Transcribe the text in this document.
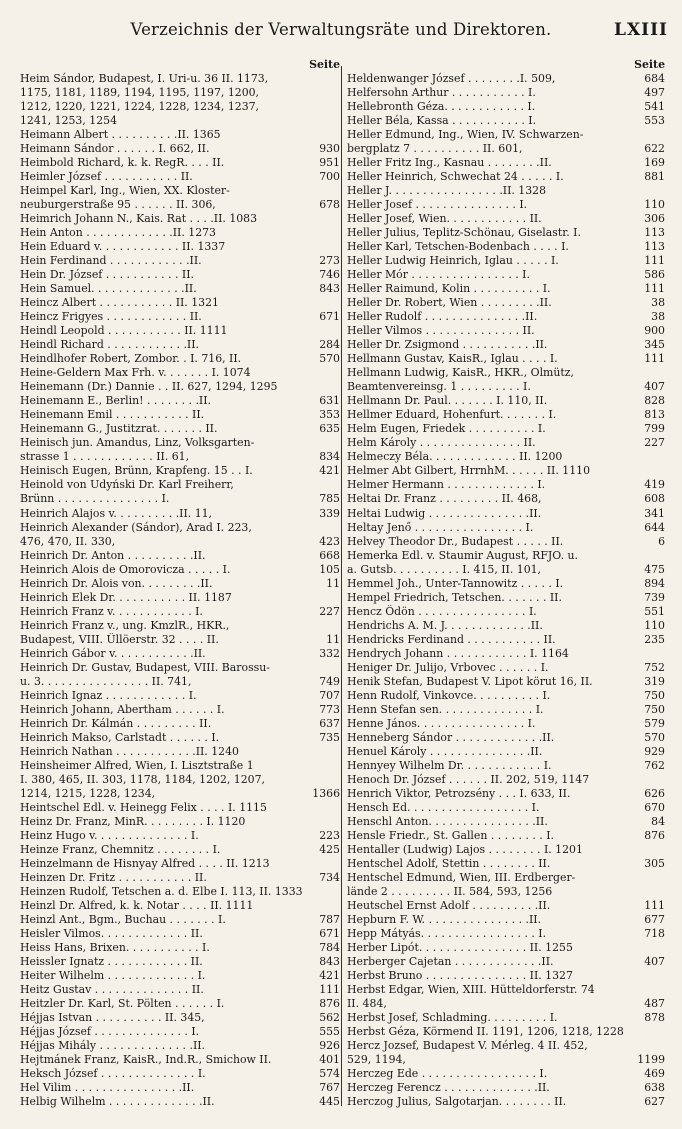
Verzeichnis der Verwaltungsräte und Direktoren.	LXIII
Seite
Heim Sándor, Budapest, I. Uri-u. 36 II. 1173,
1175, 1181, 1189, 1194, 1195, 1197, 1200,
1212, 1220, 1221, 1224, 1228, 1234, 1237,
1241, 1253, 1254
Heimann Albert . . . . . . . . . .II. 1365
Heimann Sándor . . . . . . I. 662, II.	930
Heimbold Richard, k. k. RegR. . . . II.	951
Heimler József . . . . . . . . . . . II.	700
Heimpel Karl, Ing., Wien, XX. Kloster-
neuburgerstraße 95 . . . . . . II. 306,	678
Heimrich Johann N., Kais. Rat . . . .II. 1083
Hein Anton . . . . . . . . . . . . .II. 1273
Hein Eduard v. . . . . . . . . . . . II. 1337
Hein Ferdinand . . . . . . . . . . . .II.	273
Hein Dr. József . . . . . . . . . . . II.	746
Hein Samuel. . . . . . . . . . . . . .II.	843
Heincz Albert . . . . . . . . . . . II. 1321
Heincz Frigyes . . . . . . . . . . . . II.	671
Heindl Leopold . . . . . . . . . . . II. 1111
Heindl Richard . . . . . . . . . . . .II.	284
Heindlhofer Robert, Zombor. . I. 716, II.	570
Heine-Geldern Max Frh. v. . . . . . . I. 1074
Heinemann (Dr.) Dannie . . II. 627, 1294, 1295
Heinemann E., Berlin! . . . . . . . .II.	631
Heinemann Emil . . . . . . . . . . . II.	353
Heinemann G., Justitzrat. . . . . . . II.	635
Heinisch jun. Amandus, Linz, Volksgarten-
strasse 1 . . . . . . . . . . . . II. 61,	834
Heinisch Eugen, Brünn, Krapfeng. 15 . . I.	421
Heinold von Udyński Dr. Karl Freiherr,
Brünn . . . . . . . . . . . . . . . I.	785
Heinrich Alajos v. . . . . . . . . .II. 11,	339
Heinrich Alexander (Sándor), Arad I. 223,
476, 470, II. 330,	423
Heinrich Dr. Anton . . . . . . . . . .II.	668
Heinrich Alois de Omorovicza . . . . . I.	105
Heinrich Dr. Alois von. . . . . . . . .II.	11
Heinrich Elek Dr. . . . . . . . . . . II. 1187
Heinrich Franz v. . . . . . . . . . . . I.	227
Heinrich Franz v., ung. KmzlR., HKR.,
Budapest, VIII. Üllöerstr. 32 . . . . II.	11
Heinrich Gábor v. . . . . . . . . . . .II.	332
Heinrich Dr. Gustav, Budapest, VIII. Barossu-
u. 3. . . . . . . . . . . . . . . . II. 741,	749
Heinrich Ignaz . . . . . . . . . . . . I.	707
Heinrich Johann, Abertham . . . . . . I.	773
Heinrich Dr. Kálmán . . . . . . . . . II.	637
Heinrich Makso, Carlstadt . . . . . . I.	735
Heinrich Nathan . . . . . . . . . . . .II. 1240
Heinsheimer Alfred, Wien, I. Lisztstraße 1
I. 380, 465, II. 303, 1178, 1184, 1202, 1207,
1214, 1215, 1228, 1234,	1366
Heintschel Edl. v. Heinegg Felix . . . . I. 1115
Heinz Dr. Franz, MinR. . . . . . . . . I. 1120
Heinz Hugo v. . . . . . . . . . . . . . I.	223
Heinze Franz, Chemnitz . . . . . . . . I.	425
Heinzelmann de Hisnyay Alfred . . . . II. 1213
Heinzen Dr. Fritz . . . . . . . . . . . II.	734
Heinzen Rudolf, Tetschen a. d. Elbe I. 113, II. 1333
Heinzl Dr. Alfred, k. k. Notar . . . . II. 1111
Heinzl Ant., Bgm., Buchau . . . . . . . I.	787
Heisler Vilmos. . . . . . . . . . . . . II.	671
Heiss Hans, Brixen. . . . . . . . . . . I.	784
Heissler Ignatz . . . . . . . . . . . . II.	843
Heiter Wilhelm . . . . . . . . . . . . . I.	421
Heitz Gustav . . . . . . . . . . . . . . II.	111
Heitzler Dr. Karl, St. Pölten . . . . . . I.	876
Héjjas Istvan . . . . . . . . . . II. 345,	562
Héjjas József . . . . . . . . . . . . . . I.	555
Héjjas Mihály . . . . . . . . . . . . . .II.	926
Hejtmánek Franz, KaisR., Ind.R., Smichow II.	401
Heksch József . . . . . . . . . . . . . . I.	574
Hel Vilim . . . . . . . . . . . . . . . .II.	767
Helbig Wilhelm . . . . . . . . . . . . . .II.	445
Seite
Heldenwanger József . . . . . . . .I. 509,	684
Helfersohn Arthur . . . . . . . . . . . I.	497
Hellebronth Géza. . . . . . . . . . . . I.	541
Heller Béla, Kassa . . . . . . . . . . . I.	553
Heller Edmund, Ing., Wien, IV. Schwarzen-
bergplatz 7 . . . . . . . . . . II. 601,	622
Heller Fritz Ing., Kasnau . . . . . . . .II.	169
Heller Heinrich, Schwechat 24 . . . . . I.	881
Heller J. . . . . . . . . . . . . . . . .II. 1328
Heller Josef . . . . . . . . . . . . . . . I.	110
Heller Josef, Wien. . . . . . . . . . . . II.	306
Heller Julius, Teplitz-Schönau, Giselastr. I.	113
Heller Karl, Tetschen-Bodenbach . . . . I.	113
Heller Ludwig Heinrich, Iglau . . . . . I.	111
Heller Mór . . . . . . . . . . . . . . . . I.	586
Heller Raimund, Kolin . . . . . . . . . . I.	111
Heller Dr. Robert, Wien . . . . . . . . .II.	38
Heller Rudolf . . . . . . . . . . . . . . .II.	38
Heller Vilmos . . . . . . . . . . . . . . II.	900
Heller Dr. Zsigmond . . . . . . . . . . .II.	345
Hellmann Gustav, KaisR., Iglau . . . . I.	111
Hellmann Ludwig, KaisR., HKR., Olmütz,
Beamtenvereinsg. 1 . . . . . . . . . I.	407
Hellmann Dr. Paul. . . . . . . I. 110, II.	828
Hellmer Eduard, Hohenfurt. . . . . . . I.	813
Helm Eugen, Friedek . . . . . . . . . . I.	799
Helm Károly . . . . . . . . . . . . . . . II.	227
Helmeczy Béla. . . . . . . . . . . . . II. 1200
Helmer Abt Gilbert, HrrnhM. . . . . . II. 1110
Helmer Hermann . . . . . . . . . . . . . I.	419
Heltai Dr. Franz . . . . . . . . . II. 468,	608
Heltai Ludwig . . . . . . . . . . . . . . .II.	341
Heltay Jenő . . . . . . . . . . . . . . . . I.	644
Helvey Theodor Dr., Budapest . . . . . II.	6
Hemerka Edl. v. Staumir August, RFJO. u.
a. Gutsb. . . . . . . . . . I. 415, II. 101,	475
Hemmel Joh., Unter-Tannowitz . . . . . I.	894
Hempel Friedrich, Tetschen. . . . . . . II.	739
Hencz Ödön . . . . . . . . . . . . . . . . I.	551
Hendrichs A. M. J. . . . . . . . . . . . .II.	110
Hendricks Ferdinand . . . . . . . . . . . II.	235
Hendrych Johann . . . . . . . . . . . . I. 1164
Heniger Dr. Julijo, Vrbovec . . . . . . I.	752
Henik Stefan, Budapest V. Lipot körut 16, II.	319
Henn Rudolf, Vinkovce. . . . . . . . . . I.	750
Henn Stefan sen. . . . . . . . . . . . . . I.	750
Henne János. . . . . . . . . . . . . . . . I.	579
Henneberg Sándor . . . . . . . . . . . . .II.	570
Henuel Károly . . . . . . . . . . . . . . .II.	929
Hennyey Wilhelm Dr. . . . . . . . . . . . I.	762
Henoch Dr. József . . . . . . II. 202, 519, 1147
Henrich Viktor, Petrozsény . . . I. 633, II.	626
Hensch Ed. . . . . . . . . . . . . . . . . . I.	670
Henschl Anton. . . . . . . . . . . . . . . .II.	84
Hensle Friedr., St. Gallen . . . . . . . . I.	876
Hentaller (Ludwig) Lajos . . . . . . . . I. 1201
Hentschel Adolf, Stettin . . . . . . . . II.	305
Hentschel Edmund, Wien, III. Erdberger-
lände 2 . . . . . . . . . II. 584, 593, 1256
Heutschel Ernst Adolf . . . . . . . . . .II.	111
Hepburn F. W. . . . . . . . . . . . . . . .II.	677
Hepp Mátyás. . . . . . . . . . . . . . . . . I.	718
Herber Lipót. . . . . . . . . . . . . . . . II. 1255
Herberger Cajetan . . . . . . . . . . . . .II.	407
Herbst Bruno . . . . . . . . . . . . . . . II. 1327
Herbst Edgar, Wien, XIII. Hütteldorferstr. 74
II. 484,	487
Herbst Josef, Schladming. . . . . . . . . I.	878
Herbst Géza, Körmend II. 1191, 1206, 1218, 1228
Hercz Jozsef, Budapest V. Mérleg. 4 II. 452,
529, 1194,	1199
Herczeg Ede . . . . . . . . . . . . . . . . . I.	469
Herczeg Ferencz . . . . . . . . . . . . . .II.	638
Herczog Julius, Salgotarjan. . . . . . . . II.	627
